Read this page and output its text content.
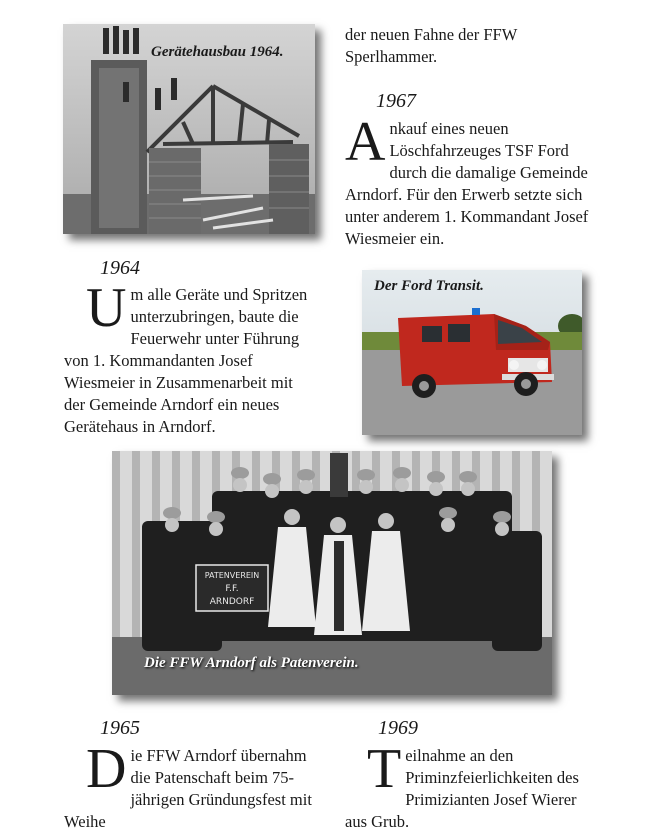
Gerätehausbau 1964.
der neuen Fahne der FFW Sperlhammer.
1967
Ankauf eines neuen Löschfahrzeuges TSF Ford durch die damalige Gemeinde Arndorf. Für den Erwerb setzte sich unter anderem 1. Kommandant Josef Wiesmeier ein.
1964
Um alle Geräte und Spritzen unterzubringen, baute die Feuerwehr unter Führung von 1. Kommandanten Josef Wiesmeier in Zusammenarbeit mit der Gemeinde Arndorf ein neues Gerätehaus in Arndorf.
Der Ford Transit.
PATENVEREIN
F.F.
ARNDORF
Die FFW Arndorf als Patenverein.
1965
Die FFW Arndorf übernahm die Patenschaft beim 75-jährigen Gründungsfest mit Weihe
1969
Teilnahme an den Priminzfeierlichkeiten des Primizianten Josef Wierer aus Grub.
